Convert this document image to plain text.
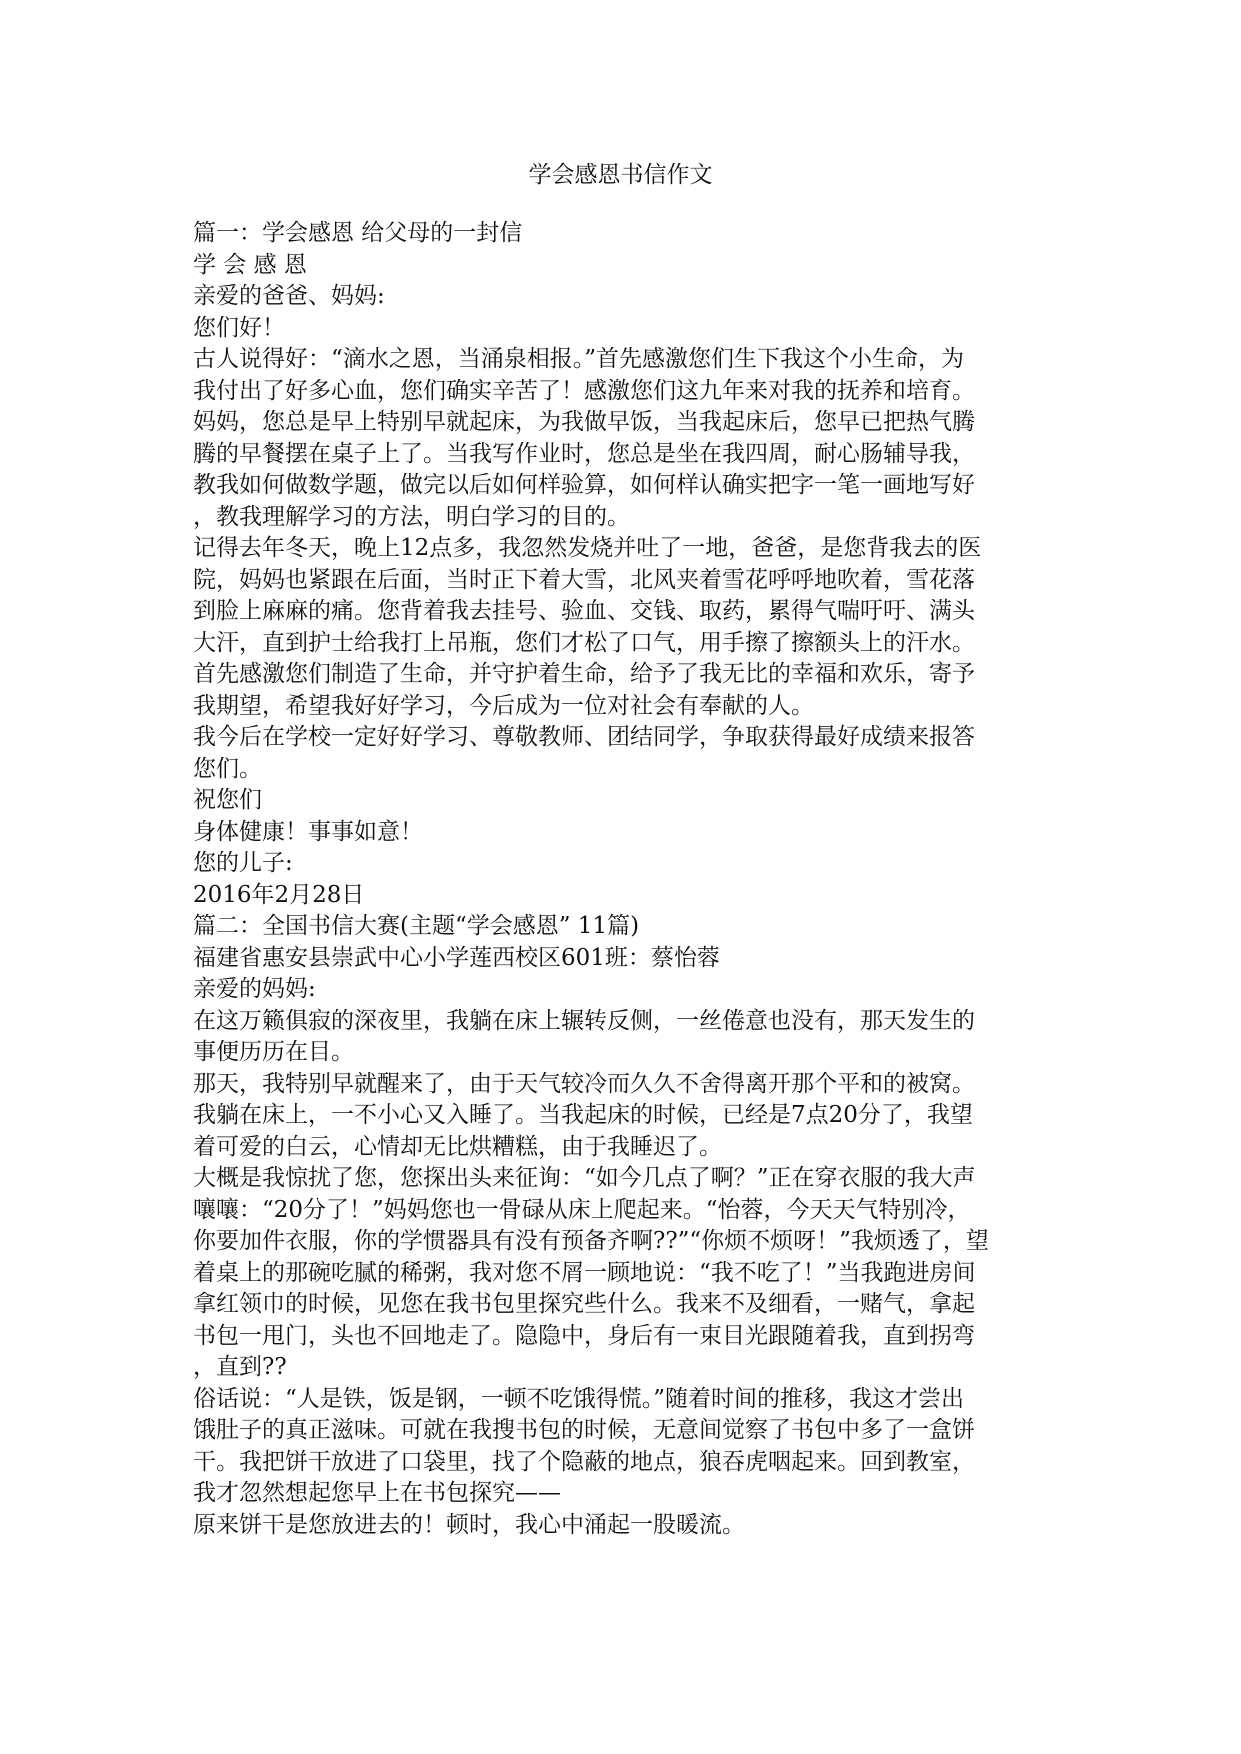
学会感恩书信作文
篇一：学会感恩 给父母的一封信
学 会 感 恩
亲爱的爸爸、妈妈:
您们好！
古人说得好：“滴水之恩，当涌泉相报。”首先感激您们生下我这个小生命，为
我付出了好多心血，您们确实辛苦了！感激您们这九年来对我的抚养和培育。
妈妈，您总是早上特别早就起床，为我做早饭，当我起床后，您早已把热气腾
腾的早餐摆在桌子上了。当我写作业时，您总是坐在我四周，耐心肠辅导我，
教我如何做数学题，做完以后如何样验算，如何样认确实把字一笔一画地写好
，教我理解学习的方法，明白学习的目的。
记得去年冬天，晚上12点多，我忽然发烧并吐了一地，爸爸，是您背我去的医
院，妈妈也紧跟在后面，当时正下着大雪，北风夹着雪花呼呼地吹着，雪花落
到脸上麻麻的痛。您背着我去挂号、验血、交钱、取药，累得气喘吁吁、满头
大汗，直到护士给我打上吊瓶，您们才松了口气，用手擦了擦额头上的汗水。
首先感激您们制造了生命，并守护着生命，给予了我无比的幸福和欢乐，寄予
我期望，希望我好好学习，今后成为一位对社会有奉献的人。
我今后在学校一定好好学习、尊敬教师、团结同学，争取获得最好成绩来报答
您们。
祝您们
身体健康！事事如意！
您的儿子:
2016年2月28日
篇二：全国书信大赛(主题“学会感恩” 11篇)
福建省惠安县崇武中心小学莲西校区601班：蔡怡蓉
亲爱的妈妈:
在这万籁俱寂的深夜里，我躺在床上辗转反侧，一丝倦意也没有，那天发生的
事便历历在目。
那天，我特别早就醒来了，由于天气较冷而久久不舍得离开那个平和的被窝。
我躺在床上，一不小心又入睡了。当我起床的时候，已经是7点20分了，我望
着可爱的白云，心情却无比烘糟糕，由于我睡迟了。
大概是我惊扰了您，您探出头来征询：“如今几点了啊？”正在穿衣服的我大声
嚷嚷：“20分了！”妈妈您也一骨碌从床上爬起来。“怡蓉，今天天气特别冷，
你要加件衣服，你的学惯器具有没有预备齐啊??”“你烦不烦呀！”我烦透了，望
着桌上的那碗吃腻的稀粥，我对您不屑一顾地说：“我不吃了！”当我跑进房间
拿红领巾的时候，见您在我书包里探究些什么。我来不及细看，一赌气，拿起
书包一甩门，头也不回地走了。隐隐中，身后有一束目光跟随着我，直到拐弯
，直到??
俗话说：“人是铁，饭是钢，一顿不吃饿得慌。”随着时间的推移，我这才尝出
饿肚子的真正滋味。可就在我搜书包的时候，无意间觉察了书包中多了一盒饼
干。我把饼干放进了口袋里，找了个隐蔽的地点，狼吞虎咽起来。回到教室，
我才忽然想起您早上在书包探究——
原来饼干是您放进去的！顿时，我心中涌起一股暖流。
